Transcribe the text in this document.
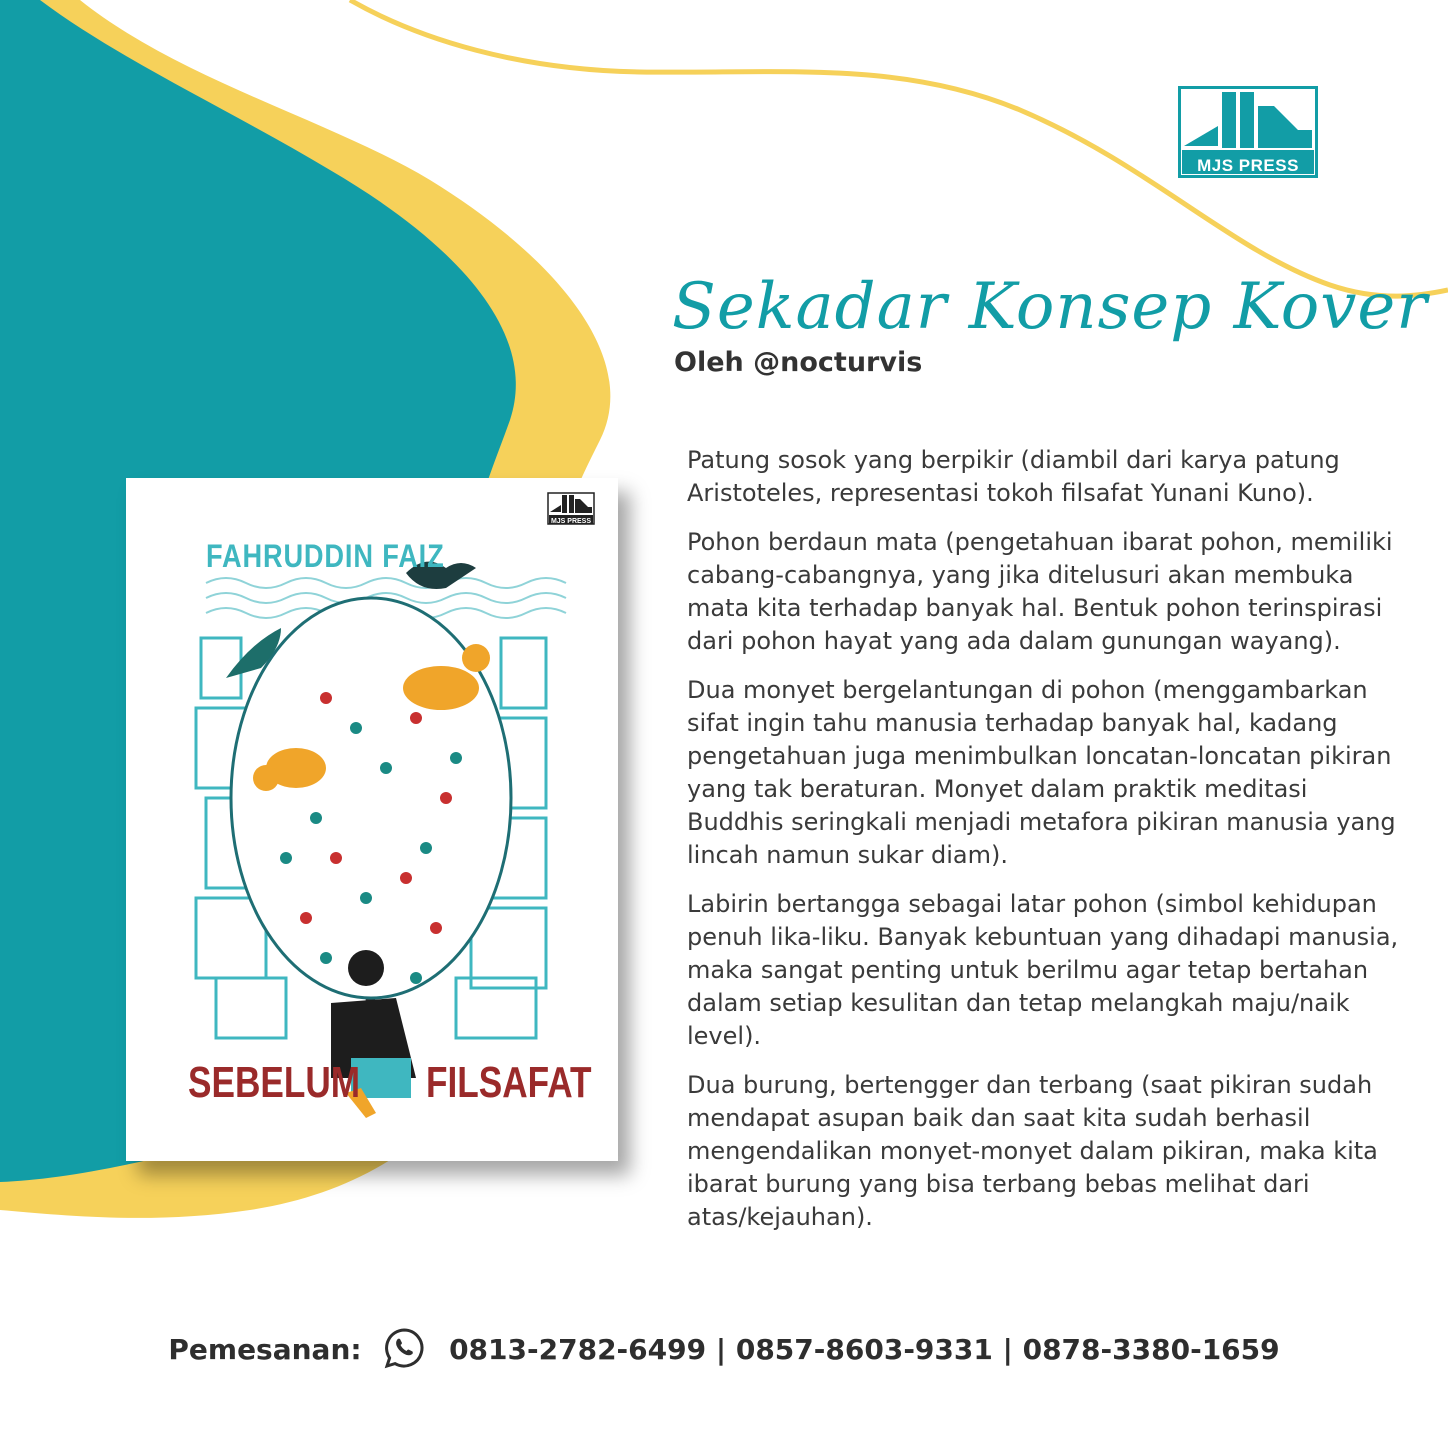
MJS PRESS
Sekadar Konsep Kover
Oleh @nocturvis
MJS PRESS
FAHRUDDIN FAIZ
SEBELUM FILSAFAT

Patung sosok yang berpikir (diambil dari karya patung Aristoteles, representasi tokoh filsafat Yunani Kuno).

Pohon berdaun mata (pengetahuan ibarat pohon, memiliki cabang-cabangnya, yang jika ditelusuri akan membuka mata kita terhadap banyak hal. Bentuk pohon terinspirasi dari pohon hayat yang ada dalam gunungan wayang).

Dua monyet bergelantungan di pohon (menggambarkan sifat ingin tahu manusia terhadap banyak hal, kadang pengetahuan juga menimbulkan loncatan-loncatan pikiran yang tak beraturan. Monyet dalam praktik meditasi Buddhis seringkali menjadi metafora pikiran manusia yang lincah namun sukar diam).

Labirin bertangga sebagai latar pohon (simbol kehidupan penuh lika-liku. Banyak kebuntuan yang dihadapi manusia, maka sangat penting untuk berilmu agar tetap bertahan dalam setiap kesulitan dan tetap melangkah maju/naik level).

Dua burung, bertengger dan terbang (saat pikiran sudah mendapat asupan baik dan saat kita sudah berhasil mengendalikan monyet-monyet dalam pikiran, maka kita ibarat burung yang bisa terbang bebas melihat dari atas/kejauhan).

Pemesanan:	0813-2782-6499 | 0857-8603-9331 | 0878-3380-1659
